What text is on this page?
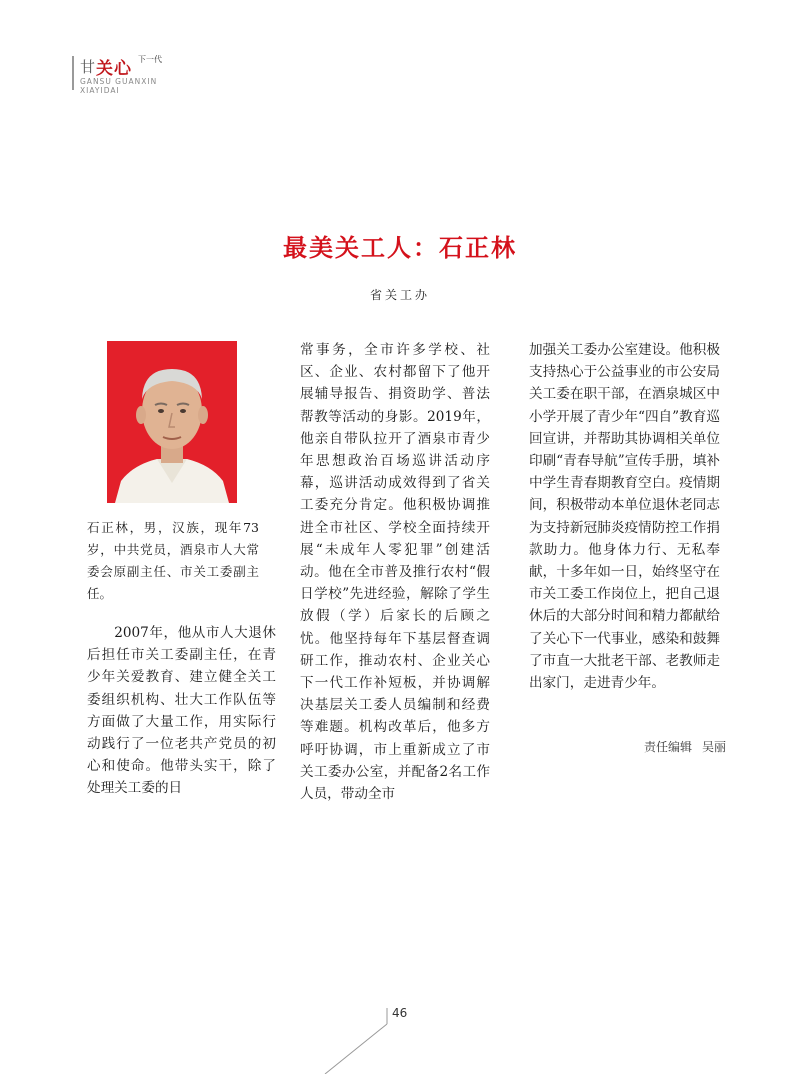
甘 关 心 下一代
GANSU GUANXIN
XIAYIDAI
最美关工人：石正林
省关工办
石正林，男，汉族，现年73岁，中共党员，酒泉市人大常委会原副主任、市关工委副主任。

2007年，他从市人大退休后担任市关工委副主任，在青少年关爱教育、建立健全关工委组织机构、壮大工作队伍等方面做了大量工作，用实际行动践行了一位老共产党员的初心和使命。他带头实干，除了处理关工委的日

常事务，全市许多学校、社区、企业、农村都留下了他开展辅导报告、捐资助学、普法帮教等活动的身影。2019年，他亲自带队拉开了酒泉市青少年思想政治百场巡讲活动序幕，巡讲活动成效得到了省关工委充分肯定。他积极协调推进全市社区、学校全面持续开展“未成年人零犯罪”创建活动。他在全市普及推行农村“假日学校”先进经验，解除了学生放假（学）后家长的后顾之忧。他坚持每年下基层督查调研工作，推动农村、企业关心下一代工作补短板，并协调解决基层关工委人员编制和经费等难题。机构改革后，他多方呼吁协调，市上重新成立了市关工委办公室，并配备2名工作人员，带动全市

加强关工委办公室建设。他积极支持热心于公益事业的市公安局关工委在职干部，在酒泉城区中小学开展了青少年“四自”教育巡回宣讲，并帮助其协调相关单位印刷“青春导航”宣传手册，填补中学生青春期教育空白。疫情期间，积极带动本单位退休老同志为支持新冠肺炎疫情防控工作捐款助力。他身体力行、无私奉献，十多年如一日，始终坚守在市关工委工作岗位上，把自己退休后的大部分时间和精力都献给了关心下一代事业，感染和鼓舞了市直一大批老干部、老教师走出家门，走进青少年。

责任编辑 吴丽
46
